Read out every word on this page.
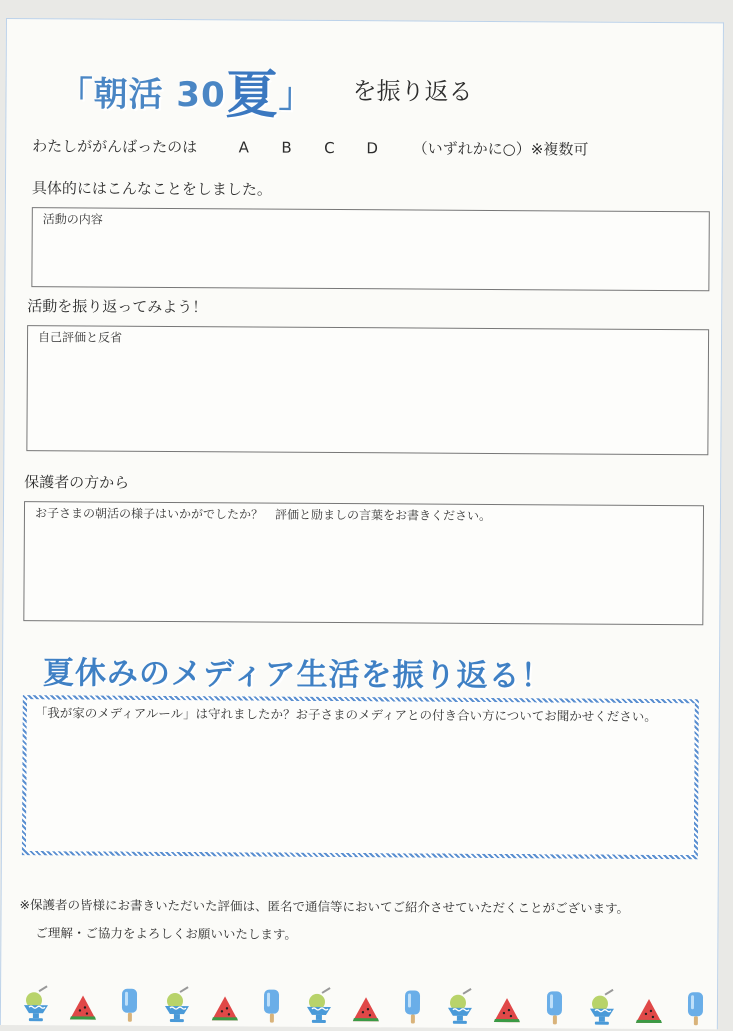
「朝活 30夏」 を振り返る
わたしががんばったのは	A B C D （いずれかに○）※複数可
具体的にはこんなことをしました。
活動の内容
活動を振り返ってみよう！
自己評価と反省
保護者の方から
お子さまの朝活の様子はいかがでしたか？　評価と励ましの言葉をお書きください。
夏休みのメディア生活を振り返る！
「我が家のメディアルール」は守れましたか？お子さまのメディアとの付き合い方についてお聞かせください。
※保護者の皆様にお書きいただいた評価は、匿名で通信等においてご紹介させていただくことがございます。
ご理解・ご協力をよろしくお願いいたします。
